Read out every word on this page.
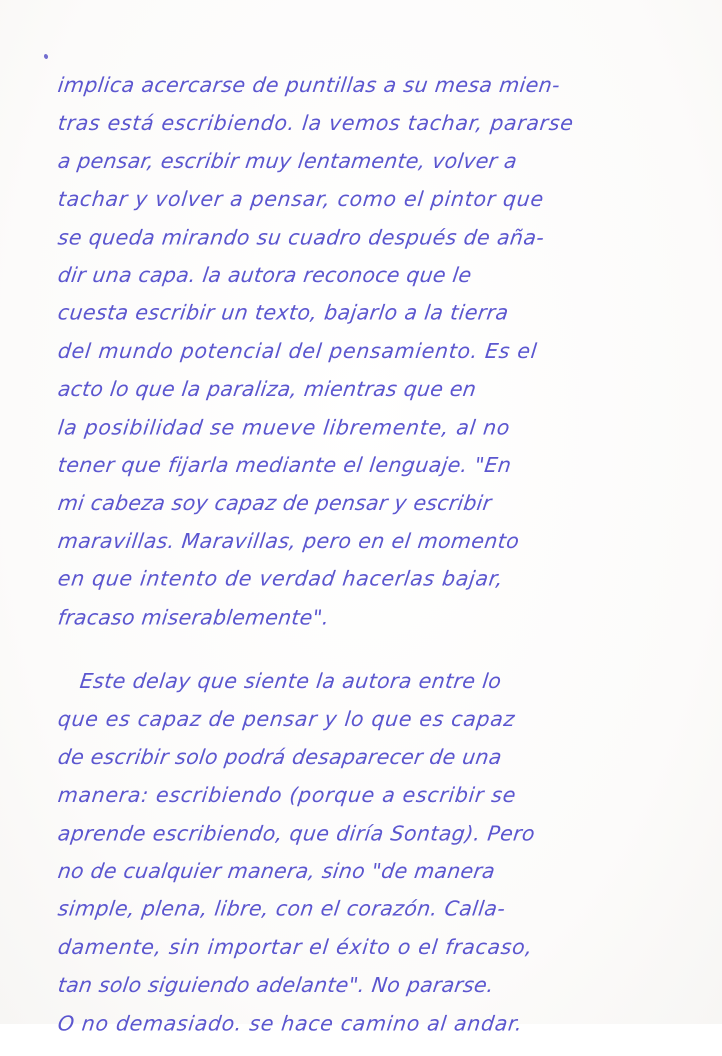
implica acercarse de puntillas a su mesa mien-
tras está escribiendo. la vemos tachar, pararse
a pensar, escribir muy lentamente, volver a
tachar y volver a pensar, como el pintor que
se queda mirando su cuadro después de aña-
dir una capa. la autora reconoce que le
cuesta escribir un texto, bajarlo a la tierra
del mundo potencial del pensamiento. Es el
acto lo que la paraliza, mientras que en
la posibilidad se mueve libremente, al no
tener que fijarla mediante el lenguaje. "En
mi cabeza soy capaz de pensar y escribir
maravillas. Maravillas, pero en el momento
en que intento de verdad hacerlas bajar,
fracaso miserablemente".
Este delay que siente la autora entre lo
que es capaz de pensar y lo que es capaz
de escribir solo podrá desaparecer de una
manera: escribiendo (porque a escribir se
aprende escribiendo, que diría Sontag). Pero
no de cualquier manera, sino "de manera
simple, plena, libre, con el corazón. Calla-
damente, sin importar el éxito o el fracaso,
tan solo siguiendo adelante". No pararse.
O no demasiado. se hace camino al andar.
